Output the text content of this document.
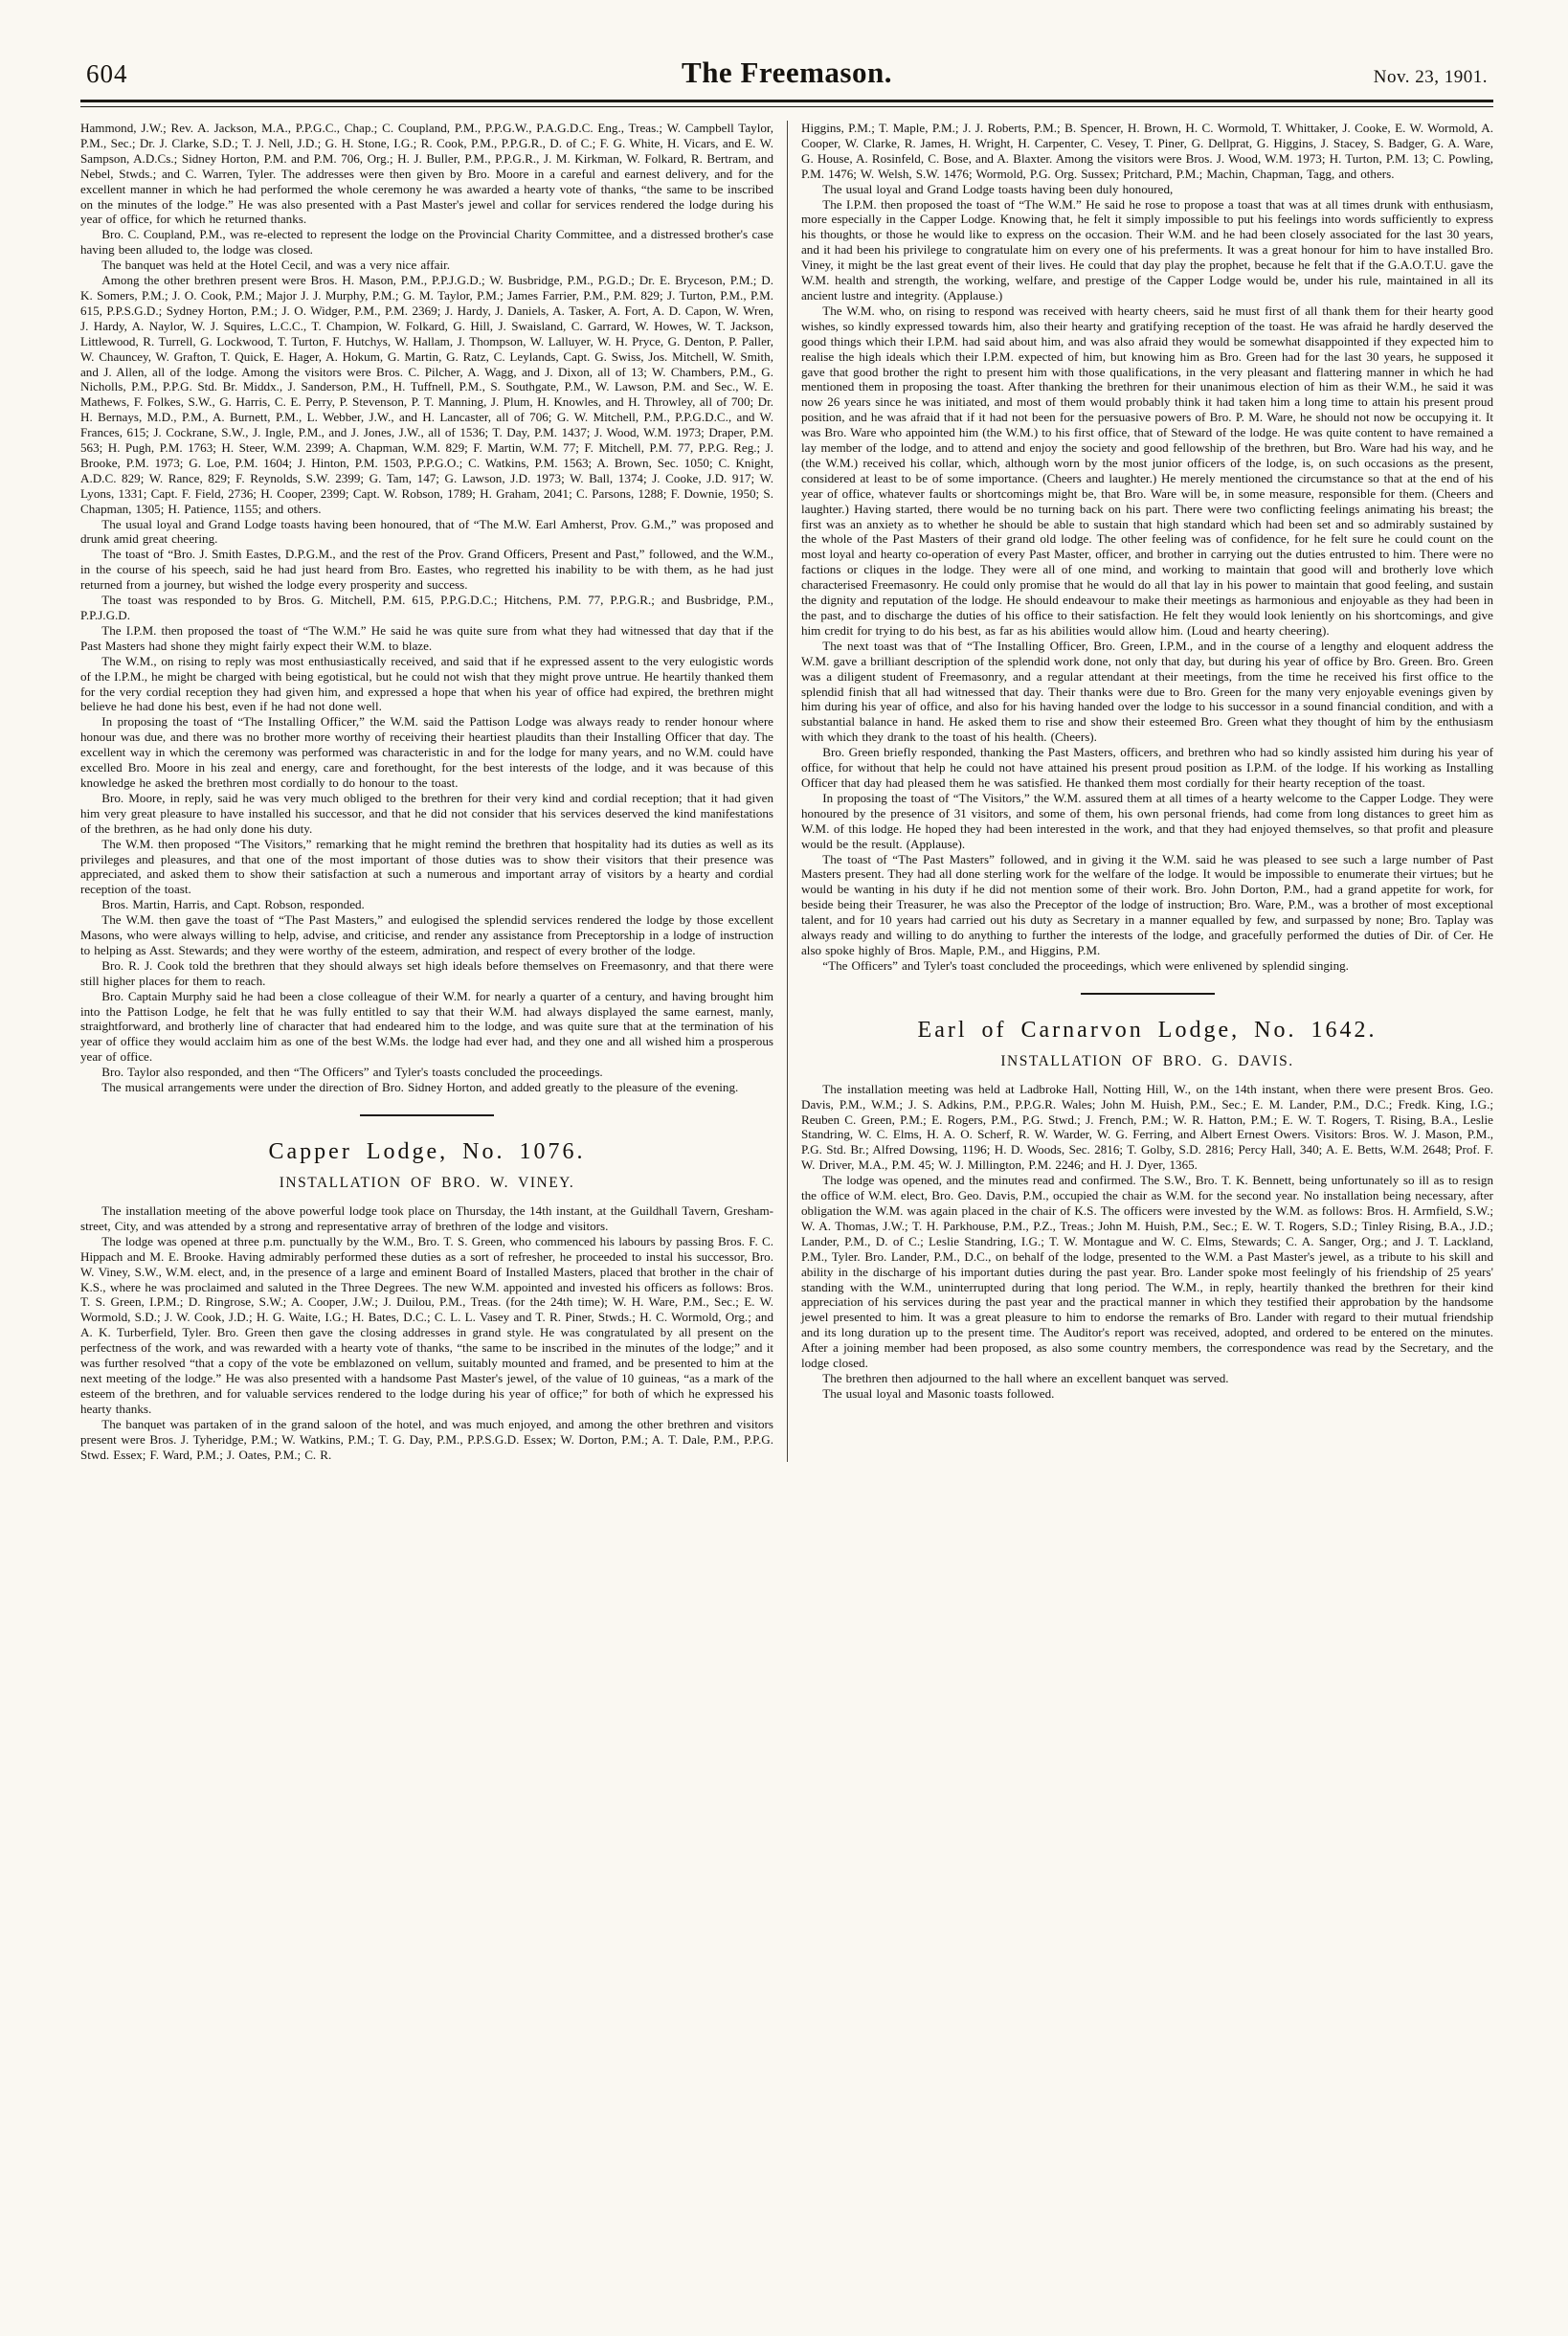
604	The Freemason.	Nov. 23, 1901.

Hammond, J.W.; Rev. A. Jackson, M.A., P.P.G.C., Chap.; C. Coupland, P.M., P.P.G.W., P.A.G.D.C. Eng., Treas.; W. Campbell Taylor, P.M., Sec.; Dr. J. Clarke, S.D.; T. J. Nell, J.D.; G. H. Stone, I.G.; R. Cook, P.M., P.P.G.R., D. of C.; F. G. White, H. Vicars, and E. W. Sampson, A.D.Cs.; Sidney Horton, P.M. and P.M. 706, Org.; H. J. Buller, P.M., P.P.G.R., J. M. Kirkman, W. Folkard, R. Bertram, and Nebel, Stwds.; and C. Warren, Tyler. The addresses were then given by Bro. Moore in a careful and earnest delivery, and for the excellent manner in which he had performed the whole ceremony he was awarded a hearty vote of thanks, “the same to be inscribed on the minutes of the lodge.” He was also presented with a Past Master's jewel and collar for services rendered the lodge during his year of office, for which he returned thanks.

Bro. C. Coupland, P.M., was re-elected to represent the lodge on the Provincial Charity Committee, and a distressed brother's case having been alluded to, the lodge was closed.

The banquet was held at the Hotel Cecil, and was a very nice affair.

Among the other brethren present were Bros. H. Mason, P.M., P.P.J.G.D.; W. Busbridge, P.M., P.G.D.; Dr. E. Bryceson, P.M.; D. K. Somers, P.M.; J. O. Cook, P.M.; Major J. J. Murphy, P.M.; G. M. Taylor, P.M.; James Farrier, P.M., P.M. 829; J. Turton, P.M., P.M. 615, P.P.S.G.D.; Sydney Horton, P.M.; J. O. Widger, P.M., P.M. 2369; J. Hardy, J. Daniels, A. Tasker, A. Fort, A. D. Capon, W. Wren, J. Hardy, A. Naylor, W. J. Squires, L.C.C., T. Champion, W. Folkard, G. Hill, J. Swaisland, C. Garrard, W. Howes, W. T. Jackson, Littlewood, R. Turrell, G. Lockwood, T. Turton, F. Hutchys, W. Hallam, J. Thompson, W. Lalluyer, W. H. Pryce, G. Denton, P. Paller, W. Chauncey, W. Grafton, T. Quick, E. Hager, A. Hokum, G. Martin, G. Ratz, C. Leylands, Capt. G. Swiss, Jos. Mitchell, W. Smith, and J. Allen, all of the lodge. Among the visitors were Bros. C. Pilcher, A. Wagg, and J. Dixon, all of 13; W. Chambers, P.M., G. Nicholls, P.M., P.P.G. Std. Br. Middx., J. Sanderson, P.M., H. Tuffnell, P.M., S. Southgate, P.M., W. Lawson, P.M. and Sec., W. E. Mathews, F. Folkes, S.W., G. Harris, C. E. Perry, P. Stevenson, P. T. Manning, J. Plum, H. Knowles, and H. Throwley, all of 700; Dr. H. Bernays, M.D., P.M., A. Burnett, P.M., L. Webber, J.W., and H. Lancaster, all of 706; G. W. Mitchell, P.M., P.P.G.D.C., and W. Frances, 615; J. Cockrane, S.W., J. Ingle, P.M., and J. Jones, J.W., all of 1536; T. Day, P.M. 1437; J. Wood, W.M. 1973; Draper, P.M. 563; H. Pugh, P.M. 1763; H. Steer, W.M. 2399; A. Chapman, W.M. 829; F. Martin, W.M. 77; F. Mitchell, P.M. 77, P.P.G. Reg.; J. Brooke, P.M. 1973; G. Loe, P.M. 1604; J. Hinton, P.M. 1503, P.P.G.O.; C. Watkins, P.M. 1563; A. Brown, Sec. 1050; C. Knight, A.D.C. 829; W. Rance, 829; F. Reynolds, S.W. 2399; G. Tam, 147; G. Lawson, J.D. 1973; W. Ball, 1374; J. Cooke, J.D. 917; W. Lyons, 1331; Capt. F. Field, 2736; H. Cooper, 2399; Capt. W. Robson, 1789; H. Graham, 2041; C. Parsons, 1288; F. Downie, 1950; S. Chapman, 1305; H. Patience, 1155; and others.

The usual loyal and Grand Lodge toasts having been honoured, that of “The M.W. Earl Amherst, Prov. G.M.,” was proposed and drunk amid great cheering.

The toast of “Bro. J. Smith Eastes, D.P.G.M., and the rest of the Prov. Grand Officers, Present and Past,” followed, and the W.M., in the course of his speech, said he had just heard from Bro. Eastes, who regretted his inability to be with them, as he had just returned from a journey, but wished the lodge every prosperity and success.

The toast was responded to by Bros. G. Mitchell, P.M. 615, P.P.G.D.C.; Hitchens, P.M. 77, P.P.G.R.; and Busbridge, P.M., P.P.J.G.D.

The I.P.M. then proposed the toast of “The W.M.” He said he was quite sure from what they had witnessed that day that if the Past Masters had shone they might fairly expect their W.M. to blaze.

The W.M., on rising to reply was most enthusiastically received, and said that if he expressed assent to the very eulogistic words of the I.P.M., he might be charged with being egotistical, but he could not wish that they might prove untrue. He heartily thanked them for the very cordial reception they had given him, and expressed a hope that when his year of office had expired, the brethren might believe he had done his best, even if he had not done well.

In proposing the toast of “The Installing Officer,” the W.M. said the Pattison Lodge was always ready to render honour where honour was due, and there was no brother more worthy of receiving their heartiest plaudits than their Installing Officer that day. The excellent way in which the ceremony was performed was characteristic in and for the lodge for many years, and no W.M. could have excelled Bro. Moore in his zeal and energy, care and forethought, for the best interests of the lodge, and it was because of this knowledge he asked the brethren most cordially to do honour to the toast.

Bro. Moore, in reply, said he was very much obliged to the brethren for their very kind and cordial reception; that it had given him very great pleasure to have installed his successor, and that he did not consider that his services deserved the kind manifestations of the brethren, as he had only done his duty.

The W.M. then proposed “The Visitors,” remarking that he might remind the brethren that hospitality had its duties as well as its privileges and pleasures, and that one of the most important of those duties was to show their visitors that their presence was appreciated, and asked them to show their satisfaction at such a numerous and important array of visitors by a hearty and cordial reception of the toast.

Bros. Martin, Harris, and Capt. Robson, responded.

The W.M. then gave the toast of “The Past Masters,” and eulogised the splendid services rendered the lodge by those excellent Masons, who were always willing to help, advise, and criticise, and render any assistance from Preceptorship in a lodge of instruction to helping as Asst. Stewards; and they were worthy of the esteem, admiration, and respect of every brother of the lodge.

Bro. R. J. Cook told the brethren that they should always set high ideals before themselves on Freemasonry, and that there were still higher places for them to reach.

Bro. Captain Murphy said he had been a close colleague of their W.M. for nearly a quarter of a century, and having brought him into the Pattison Lodge, he felt that he was fully entitled to say that their W.M. had always displayed the same earnest, manly, straightforward, and brotherly line of character that had endeared him to the lodge, and was quite sure that at the termination of his year of office they would acclaim him as one of the best W.Ms. the lodge had ever had, and they one and all wished him a prosperous year of office.

Bro. Taylor also responded, and then “The Officers” and Tyler's toasts concluded the proceedings.

The musical arrangements were under the direction of Bro. Sidney Horton, and added greatly to the pleasure of the evening.

Capper Lodge, No. 1076.
INSTALLATION OF BRO. W. VINEY.

The installation meeting of the above powerful lodge took place on Thursday, the 14th instant, at the Guildhall Tavern, Gresham-street, City, and was attended by a strong and representative array of brethren of the lodge and visitors.

The lodge was opened at three p.m. punctually by the W.M., Bro. T. S. Green, who commenced his labours by passing Bros. F. C. Hippach and M. E. Brooke. Having admirably performed these duties as a sort of refresher, he proceeded to instal his successor, Bro. W. Viney, S.W., W.M. elect, and, in the presence of a large and eminent Board of Installed Masters, placed that brother in the chair of K.S., where he was proclaimed and saluted in the Three Degrees. The new W.M. appointed and invested his officers as follows: Bros. T. S. Green, I.P.M.; D. Ringrose, S.W.; A. Cooper, J.W.; J. Duilou, P.M., Treas. (for the 24th time); W. H. Ware, P.M., Sec.; E. W. Wormold, S.D.; J. W. Cook, J.D.; H. G. Waite, I.G.; H. Bates, D.C.; C. L. L. Vasey and T. R. Piner, Stwds.; H. C. Wormold, Org.; and A. K. Turberfield, Tyler. Bro. Green then gave the closing addresses in grand style. He was congratulated by all present on the perfectness of the work, and was rewarded with a hearty vote of thanks, “the same to be inscribed in the minutes of the lodge;” and it was further resolved “that a copy of the vote be emblazoned on vellum, suitably mounted and framed, and be presented to him at the next meeting of the lodge.” He was also presented with a handsome Past Master's jewel, of the value of 10 guineas, “as a mark of the esteem of the brethren, and for valuable services rendered to the lodge during his year of office;” for both of which he expressed his hearty thanks.

The banquet was partaken of in the grand saloon of the hotel, and was much enjoyed, and among the other brethren and visitors present were Bros. J. Tyheridge, P.M.; W. Watkins, P.M.; T. G. Day, P.M., P.P.S.G.D. Essex; W. Dorton, P.M.; A. T. Dale, P.M., P.P.G. Stwd. Essex; F. Ward, P.M.; J. Oates, P.M.; C. R.

Higgins, P.M.; T. Maple, P.M.; J. J. Roberts, P.M.; B. Spencer, H. Brown, H. C. Wormold, T. Whittaker, J. Cooke, E. W. Wormold, A. Cooper, W. Clarke, R. James, H. Wright, H. Carpenter, C. Vesey, T. Piner, G. Dellprat, G. Higgins, J. Stacey, S. Badger, G. A. Ware, G. House, A. Rosinfeld, C. Bose, and A. Blaxter. Among the visitors were Bros. J. Wood, W.M. 1973; H. Turton, P.M. 13; C. Powling, P.M. 1476; W. Welsh, S.W. 1476; Wormold, P.G. Org. Sussex; Pritchard, P.M.; Machin, Chapman, Tagg, and others.

The usual loyal and Grand Lodge toasts having been duly honoured,

The I.P.M. then proposed the toast of “The W.M.” He said he rose to propose a toast that was at all times drunk with enthusiasm, more especially in the Capper Lodge. Knowing that, he felt it simply impossible to put his feelings into words sufficiently to express his thoughts, or those he would like to express on the occasion. Their W.M. and he had been closely associated for the last 30 years, and it had been his privilege to congratulate him on every one of his preferments. It was a great honour for him to have installed Bro. Viney, it might be the last great event of their lives. He could that day play the prophet, because he felt that if the G.A.O.T.U. gave the W.M. health and strength, the working, welfare, and prestige of the Capper Lodge would be, under his rule, maintained in all its ancient lustre and integrity. (Applause.)

The W.M. who, on rising to respond was received with hearty cheers, said he must first of all thank them for their hearty good wishes, so kindly expressed towards him, also their hearty and gratifying reception of the toast. He was afraid he hardly deserved the good things which their I.P.M. had said about him, and was also afraid they would be somewhat disappointed if they expected him to realise the high ideals which their I.P.M. expected of him, but knowing him as Bro. Green had for the last 30 years, he supposed it gave that good brother the right to present him with those qualifications, in the very pleasant and flattering manner in which he had mentioned them in proposing the toast. After thanking the brethren for their unanimous election of him as their W.M., he said it was now 26 years since he was initiated, and most of them would probably think it had taken him a long time to attain his present proud position, and he was afraid that if it had not been for the persuasive powers of Bro. P. M. Ware, he should not now be occupying it. It was Bro. Ware who appointed him (the W.M.) to his first office, that of Steward of the lodge. He was quite content to have remained a lay member of the lodge, and to attend and enjoy the society and good fellowship of the brethren, but Bro. Ware had his way, and he (the W.M.) received his collar, which, although worn by the most junior officers of the lodge, is, on such occasions as the present, considered at least to be of some importance. (Cheers and laughter.) He merely mentioned the circumstance so that at the end of his year of office, whatever faults or shortcomings might be, that Bro. Ware will be, in some measure, responsible for them. (Cheers and laughter.) Having started, there would be no turning back on his part. There were two conflicting feelings animating his breast; the first was an anxiety as to whether he should be able to sustain that high standard which had been set and so admirably sustained by the whole of the Past Masters of their grand old lodge. The other feeling was of confidence, for he felt sure he could count on the most loyal and hearty co-operation of every Past Master, officer, and brother in carrying out the duties entrusted to him. There were no factions or cliques in the lodge. They were all of one mind, and working to maintain that good will and brotherly love which characterised Freemasonry. He could only promise that he would do all that lay in his power to maintain that good feeling, and sustain the dignity and reputation of the lodge. He should endeavour to make their meetings as harmonious and enjoyable as they had been in the past, and to discharge the duties of his office to their satisfaction. He felt they would look leniently on his shortcomings, and give him credit for trying to do his best, as far as his abilities would allow him. (Loud and hearty cheering).

The next toast was that of “The Installing Officer, Bro. Green, I.P.M., and in the course of a lengthy and eloquent address the W.M. gave a brilliant description of the splendid work done, not only that day, but during his year of office by Bro. Green. Bro. Green was a diligent student of Freemasonry, and a regular attendant at their meetings, from the time he received his first office to the splendid finish that all had witnessed that day. Their thanks were due to Bro. Green for the many very enjoyable evenings given by him during his year of office, and also for his having handed over the lodge to his successor in a sound financial condition, and with a substantial balance in hand. He asked them to rise and show their esteemed Bro. Green what they thought of him by the enthusiasm with which they drank to the toast of his health. (Cheers).

Bro. Green briefly responded, thanking the Past Masters, officers, and brethren who had so kindly assisted him during his year of office, for without that help he could not have attained his present proud position as I.P.M. of the lodge. If his working as Installing Officer that day had pleased them he was satisfied. He thanked them most cordially for their hearty reception of the toast.

In proposing the toast of “The Visitors,” the W.M. assured them at all times of a hearty welcome to the Capper Lodge. They were honoured by the presence of 31 visitors, and some of them, his own personal friends, had come from long distances to greet him as W.M. of this lodge. He hoped they had been interested in the work, and that they had enjoyed themselves, so that profit and pleasure would be the result. (Applause).

The toast of “The Past Masters” followed, and in giving it the W.M. said he was pleased to see such a large number of Past Masters present. They had all done sterling work for the welfare of the lodge. It would be impossible to enumerate their virtues; but he would be wanting in his duty if he did not mention some of their work. Bro. John Dorton, P.M., had a grand appetite for work, for beside being their Treasurer, he was also the Preceptor of the lodge of instruction; Bro. Ware, P.M., was a brother of most exceptional talent, and for 10 years had carried out his duty as Secretary in a manner equalled by few, and surpassed by none; Bro. Taplay was always ready and willing to do anything to further the interests of the lodge, and gracefully performed the duties of Dir. of Cer. He also spoke highly of Bros. Maple, P.M., and Higgins, P.M.

“The Officers” and Tyler's toast concluded the proceedings, which were enlivened by splendid singing.

Earl of Carnarvon Lodge, No. 1642.
INSTALLATION OF BRO. G. DAVIS.

The installation meeting was held at Ladbroke Hall, Notting Hill, W., on the 14th instant, when there were present Bros. Geo. Davis, P.M., W.M.; J. S. Adkins, P.M., P.P.G.R. Wales; John M. Huish, P.M., Sec.; E. M. Lander, P.M., D.C.; Fredk. King, I.G.; Reuben C. Green, P.M.; E. Rogers, P.M., P.G. Stwd.; J. French, P.M.; W. R. Hatton, P.M.; E. W. T. Rogers, T. Rising, B.A., Leslie Standring, W. C. Elms, H. A. O. Scherf, R. W. Warder, W. G. Ferring, and Albert Ernest Owers. Visitors: Bros. W. J. Mason, P.M., P.G. Std. Br.; Alfred Dowsing, 1196; H. D. Woods, Sec. 2816; T. Golby, S.D. 2816; Percy Hall, 340; A. E. Betts, W.M. 2648; Prof. F. W. Driver, M.A., P.M. 45; W. J. Millington, P.M. 2246; and H. J. Dyer, 1365.

The lodge was opened, and the minutes read and confirmed. The S.W., Bro. T. K. Bennett, being unfortunately so ill as to resign the office of W.M. elect, Bro. Geo. Davis, P.M., occupied the chair as W.M. for the second year. No installation being necessary, after obligation the W.M. was again placed in the chair of K.S. The officers were invested by the W.M. as follows: Bros. H. Armfield, S.W.; W. A. Thomas, J.W.; T. H. Parkhouse, P.M., P.Z., Treas.; John M. Huish, P.M., Sec.; E. W. T. Rogers, S.D.; Tinley Rising, B.A., J.D.; Lander, P.M., D. of C.; Leslie Standring, I.G.; T. W. Montague and W. C. Elms, Stewards; C. A. Sanger, Org.; and J. T. Lackland, P.M., Tyler. Bro. Lander, P.M., D.C., on behalf of the lodge, presented to the W.M. a Past Master's jewel, as a tribute to his skill and ability in the discharge of his important duties during the past year. Bro. Lander spoke most feelingly of his friendship of 25 years' standing with the W.M., uninterrupted during that long period. The W.M., in reply, heartily thanked the brethren for their kind appreciation of his services during the past year and the practical manner in which they testified their approbation by the handsome jewel presented to him. It was a great pleasure to him to endorse the remarks of Bro. Lander with regard to their mutual friendship and its long duration up to the present time. The Auditor's report was received, adopted, and ordered to be entered on the minutes. After a joining member had been proposed, as also some country members, the correspondence was read by the Secretary, and the lodge closed.

The brethren then adjourned to the hall where an excellent banquet was served.

The usual loyal and Masonic toasts followed.
